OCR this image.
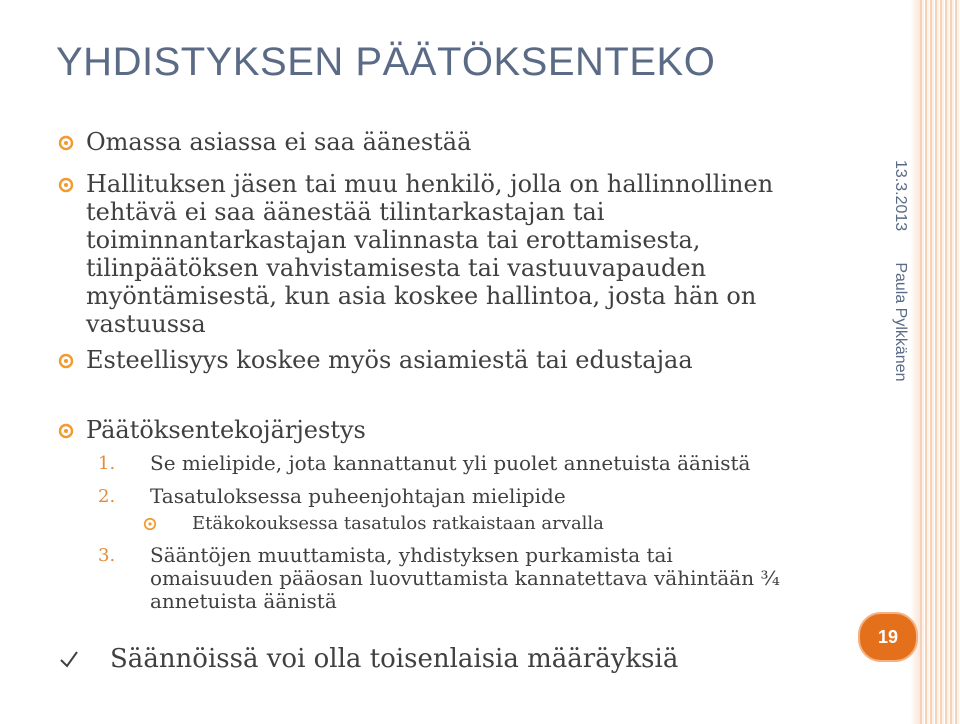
YHDISTYKSEN PÄÄTÖKSENTEKO
Omassa asiassa ei saa äänestää
Hallituksen jäsen tai muu henkilö, jolla on hallinnollinen tehtävä ei saa äänestää tilintarkastajan tai toiminnantarkastajan valinnasta tai erottamisesta, tilinpäätöksen vahvistamisesta tai vastuuvapauden myöntämisestä, kun asia koskee hallintoa, josta hän on vastuussa
Esteellisyys koskee myös asiamiestä tai edustajaa
Päätöksentekojärjestys
1. Se mielipide, jota kannattanut yli puolet annetuista äänistä
2. Tasatuloksessa puheenjohtajan mielipide
Etäkokouksessa tasatulos ratkaistaan arvalla
3. Sääntöjen muuttamista, yhdistyksen purkamista tai omaisuuden pääosan luovuttamista kannatettava vähintään ¾ annetuista äänistä
Säännöissä voi olla toisenlaisia määräyksiä
13.3.2013       Paula Pylkkänen
19
